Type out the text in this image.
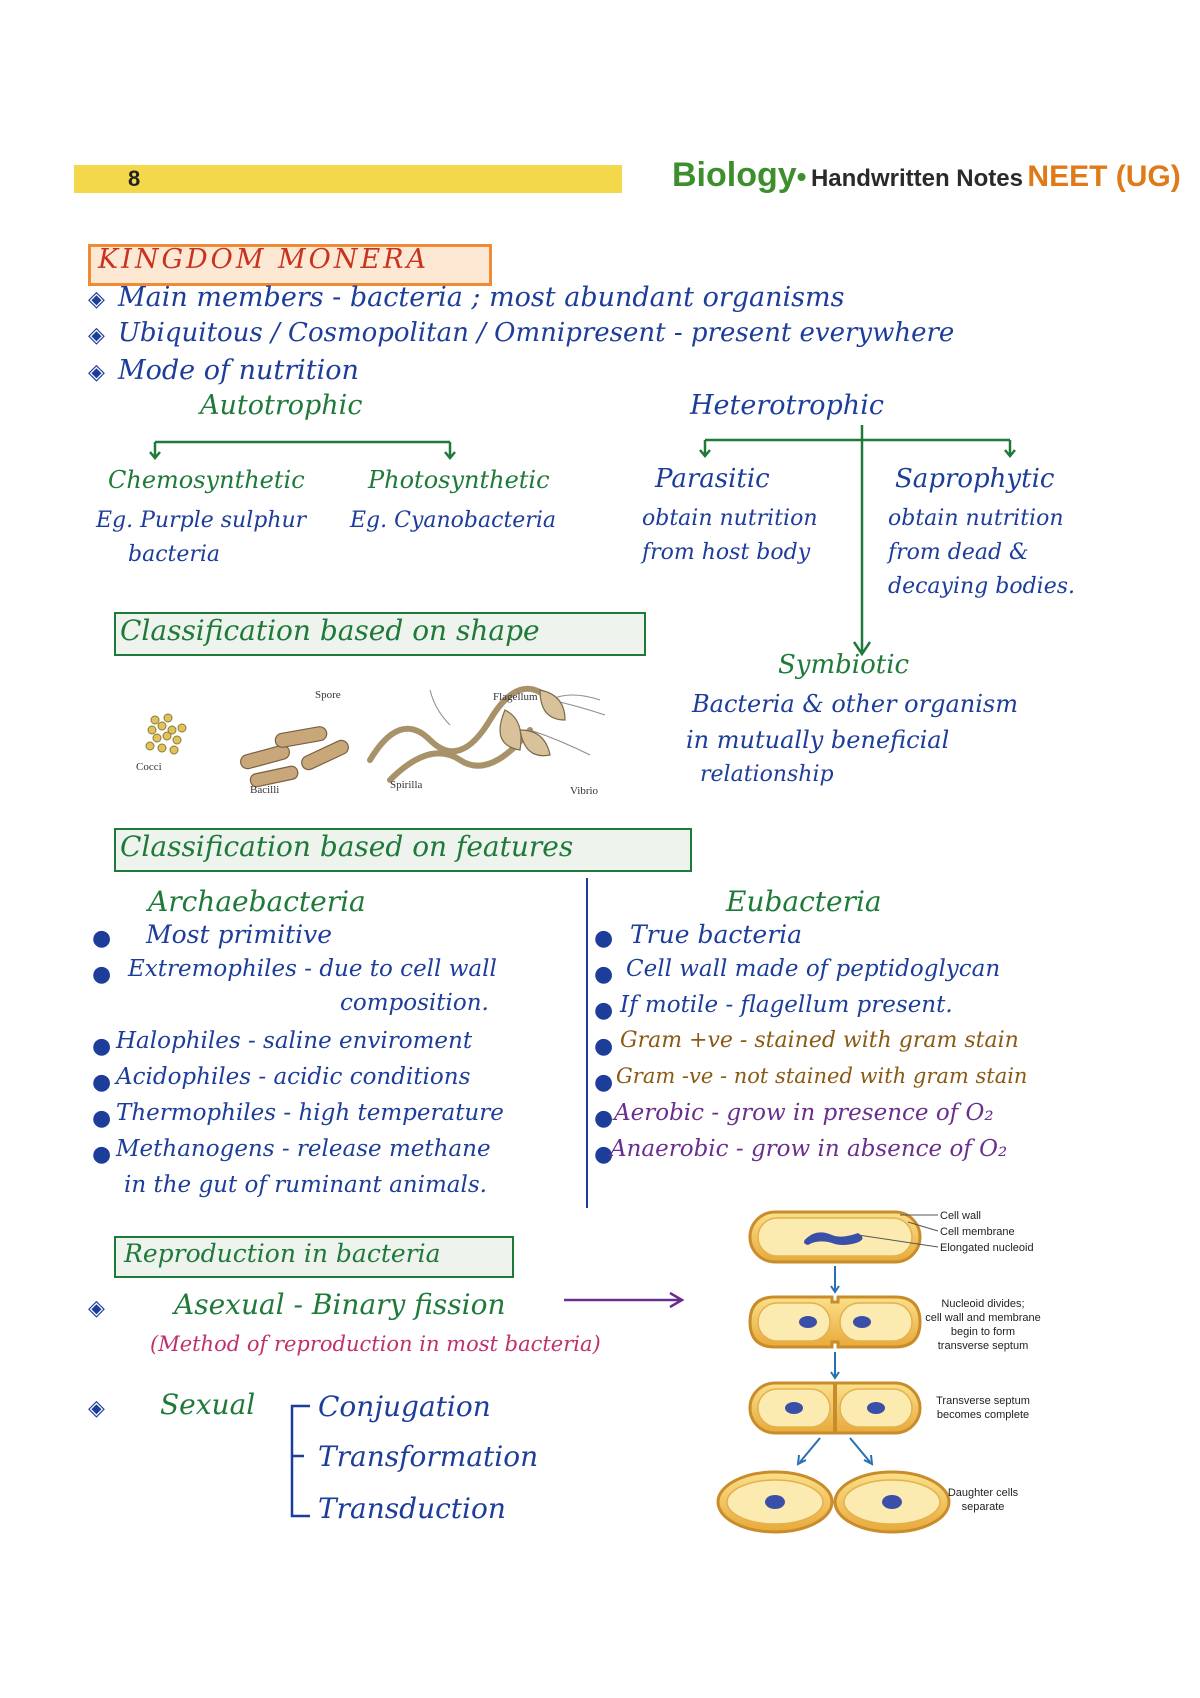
8	Biology• Handwritten Notes NEET (UG)
KINGDOM MONERA
◈ Main members - bacteria ; most abundant organisms
◈ Ubiquitous / Cosmopolitan / Omnipresent - present everywhere
◈ Mode of nutrition
Autotrophic	Heterotrophic
Chemosynthetic
Eg. Purple sulphur
bacteria
Photosynthetic
Eg. Cyanobacteria
Parasitic
obtain nutrition
from host body
Saprophytic
obtain nutrition
from dead &
decaying bodies.
Symbiotic
Bacteria & other organism
in mutually beneficial
relationship
Classification based on shape
Cocci
Bacilli
Spore
Spirilla
Flagellum
Vibrio
Classification based on features
Archaebacteria	Eubacteria
● Most primitive
● Extremophiles - due to cell wall
composition.
● Halophiles - saline enviroment
● Acidophiles - acidic conditions
● Thermophiles - high temperature
● Methanogens - release methane
in the gut of ruminant animals.
● True bacteria
● Cell wall made of peptidoglycan
● If motile - flagellum present.
● Gram +ve - stained with gram stain
● Gram -ve - not stained with gram stain
● Aerobic - grow in presence of O₂
●
Anaerobic - grow in absence of O₂
Reproduction in bacteria
◈ Asexual - Binary fission
(Method of reproduction in most bacteria)
◈ Sexual Conjugation
Transformation
Transduction
Cell wall
Cell membrane
Elongated nucleoid
Nucleoid divides;
cell wall and membrane
begin to form
transverse septum
Transverse septum
becomes complete
Daughter cells
separate
